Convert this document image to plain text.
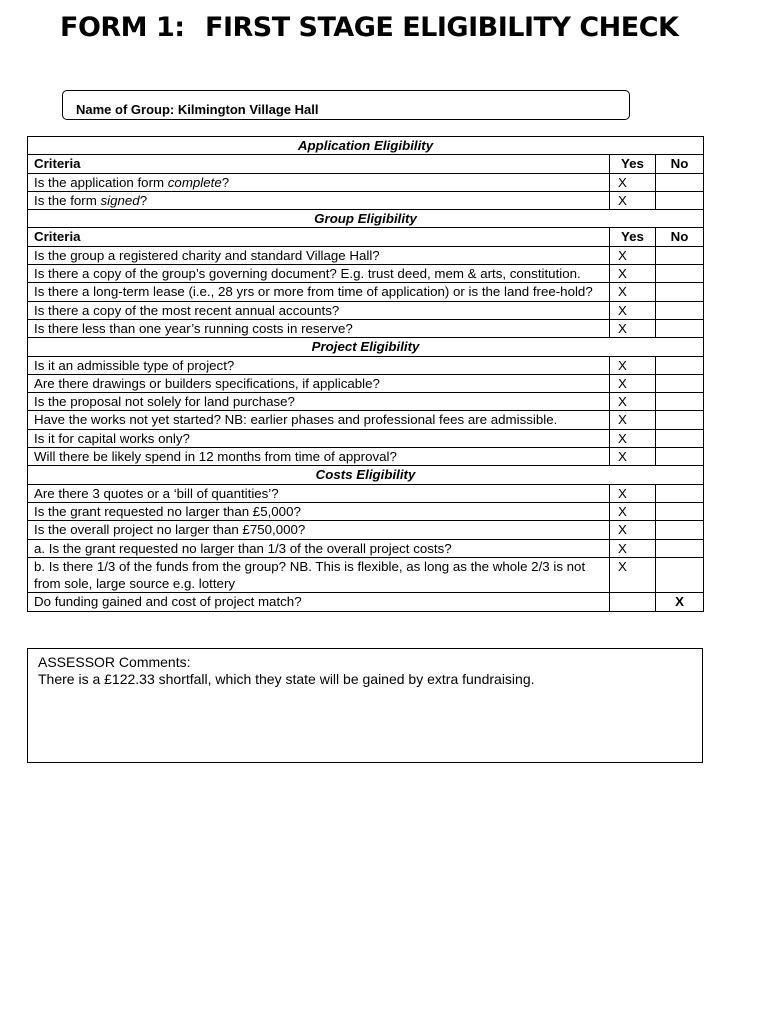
FORM 1: FIRST STAGE ELIGIBILITY CHECK
Name of Group: Kilmington Village Hall
Application Eligibility		
Criteria	Yes	No
Is the application form complete?	X	
Is the form signed?	X	
Group Eligibility		
Criteria	Yes	No
Is the group a registered charity and standard Village Hall?	X	
Is there a copy of the group’s governing document? E.g. trust deed, mem & arts, constitution.	X	
Is there a long-term lease (i.e., 28 yrs or more from time of application) or is the land free-hold?	X	
Is there a copy of the most recent annual accounts?	X	
Is there less than one year’s running costs in reserve?	X	
Project Eligibility		
Is it an admissible type of project?	X	
Are there drawings or builders specifications, if applicable?	X	
Is the proposal not solely for land purchase?	X	
Have the works not yet started? NB: earlier phases and professional fees are admissible.	X	
Is it for capital works only?	X	
Will there be likely spend in 12 months from time of approval?	X	
Costs Eligibility		
Are there 3 quotes or a ‘bill of quantities’?	X	
Is the grant requested no larger than £5,000?	X	
Is the overall project no larger than £750,000?	X	
a. Is the grant requested no larger than 1/3 of the overall project costs?	X	
b. Is there 1/3 of the funds from the group? NB. This is flexible, as long as the whole 2/3 is not from sole, large source e.g. lottery	X	
Do funding gained and cost of project match?		X
ASSESSOR Comments:
There is a £122.33 shortfall, which they state will be gained by extra fundraising.
